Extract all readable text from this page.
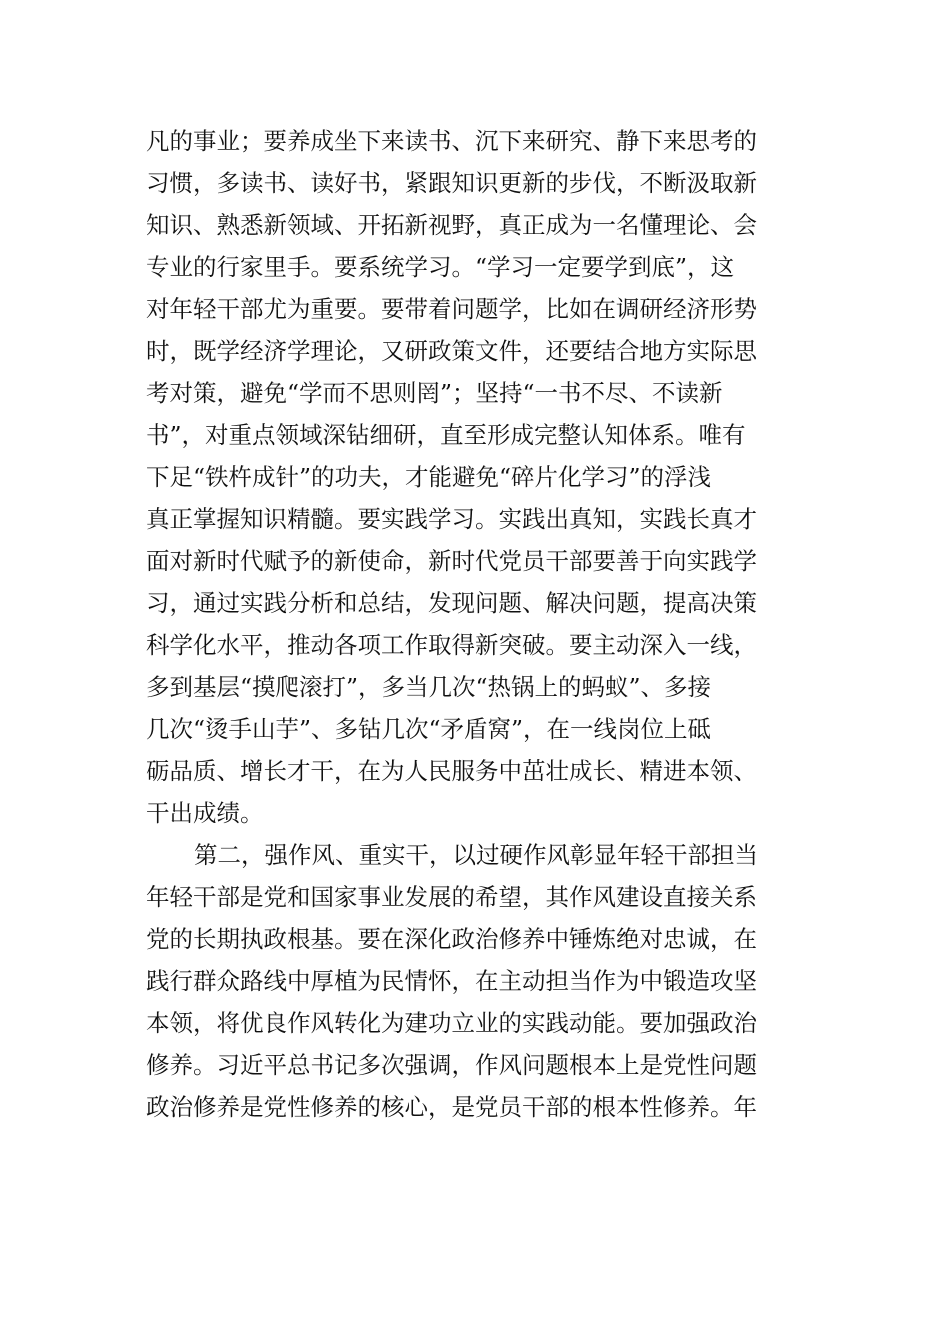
凡的事业；要养成坐下来读书、沉下来研究、静下来思考的
习惯，多读书、读好书，紧跟知识更新的步伐，不断汲取新
知识、熟悉新领域、开拓新视野，真正成为一名懂理论、会
专业的行家里手。要系统学习。“学习一定要学到底”，这
对年轻干部尤为重要。要带着问题学，比如在调研经济形势
时，既学经济学理论，又研政策文件，还要结合地方实际思
考对策，避免“学而不思则罔”；坚持“一书不尽、不读新
书”，对重点领域深钻细研，直至形成完整认知体系。唯有
下足“铁杵成针”的功夫，才能避免“碎片化学习”的浮浅
真正掌握知识精髓。要实践学习。实践出真知，实践长真才
面对新时代赋予的新使命，新时代党员干部要善于向实践学
习，通过实践分析和总结，发现问题、解决问题，提高决策
科学化水平，推动各项工作取得新突破。要主动深入一线，
多到基层“摸爬滚打”，多当几次“热锅上的蚂蚁”、多接
几次“烫手山芋”、多钻几次“矛盾窝”，在一线岗位上砥
砺品质、增长才干，在为人民服务中茁壮成长、精进本领、
干出成绩。
第二，强作风、重实干，以过硬作风彰显年轻干部担当
年轻干部是党和国家事业发展的希望，其作风建设直接关系
党的长期执政根基。要在深化政治修养中锤炼绝对忠诚，在
践行群众路线中厚植为民情怀，在主动担当作为中锻造攻坚
本领，将优良作风转化为建功立业的实践动能。要加强政治
修养。习近平总书记多次强调，作风问题根本上是党性问题
政治修养是党性修养的核心，是党员干部的根本性修养。年
